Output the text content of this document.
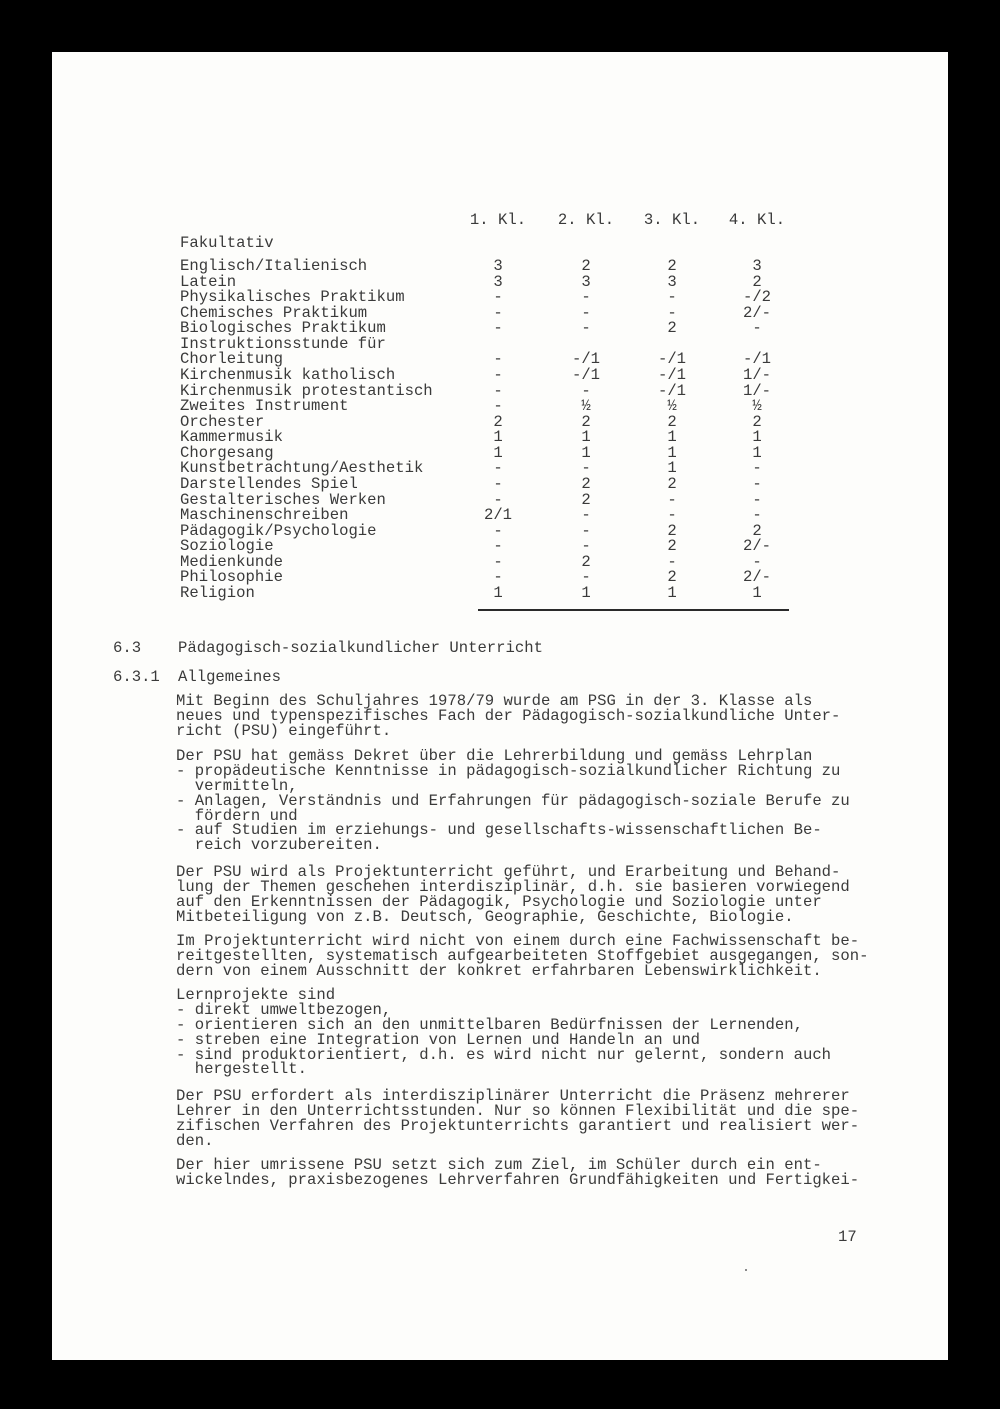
1. Kl. 2. Kl. 3. Kl. 4. Kl.
Fakultativ
Englisch/Italienisch	3	2	2	3
Latein	3	3	3	2
Physikalisches Praktikum	-	-	-	-/2
Chemisches Praktikum	-	-	-	2/-
Biologisches Praktikum	-	-	2	-
Instruktionsstunde für
Chorleitung	-	-/1	-/1	-/1
Kirchenmusik katholisch	-	-/1	-/1	1/-
Kirchenmusik protestantisch	-	-	-/1	1/-
Zweites Instrument	-	½	½	½
Orchester	2	2	2	2
Kammermusik	1	1	1	1
Chorgesang	1	1	1	1
Kunstbetrachtung/Aesthetik	-	-	1	-
Darstellendes Spiel	-	2	2	-
Gestalterisches Werken	-	2	-	-
Maschinenschreiben	2/1	-	-	-
Pädagogik/Psychologie	-	-	2	2
Soziologie	-	-	2	2/-
Medienkunde	-	2	-	-
Philosophie	-	-	2	2/-
Religion	1	1	1	1
6.3 Pädagogisch-sozialkundlicher Unterricht
6.3.1 Allgemeines
Mit Beginn des Schuljahres 1978/79 wurde am PSG in der 3. Klasse als
neues und typenspezifisches Fach der Pädagogisch-sozialkundliche Unter-
richt (PSU) eingeführt.
Der PSU hat gemäss Dekret über die Lehrerbildung und gemäss Lehrplan
- propädeutische Kenntnisse in pädagogisch-sozialkundlicher Richtung zu
vermitteln,
- Anlagen, Verständnis und Erfahrungen für pädagogisch-soziale Berufe zu
fördern und
- auf Studien im erziehungs- und gesellschafts-wissenschaftlichen Be-
reich vorzubereiten.
Der PSU wird als Projektunterricht geführt, und Erarbeitung und Behand-
lung der Themen geschehen interdisziplinär, d.h. sie basieren vorwiegend
auf den Erkenntnissen der Pädagogik, Psychologie und Soziologie unter
Mitbeteiligung von z.B. Deutsch, Geographie, Geschichte, Biologie.
Im Projektunterricht wird nicht von einem durch eine Fachwissenschaft be-
reitgestellten, systematisch aufgearbeiteten Stoffgebiet ausgegangen, son-
dern von einem Ausschnitt der konkret erfahrbaren Lebenswirklichkeit.
Lernprojekte sind
- direkt umweltbezogen,
- orientieren sich an den unmittelbaren Bedürfnissen der Lernenden,
- streben eine Integration von Lernen und Handeln an und
- sind produktorientiert, d.h. es wird nicht nur gelernt, sondern auch
hergestellt.
Der PSU erfordert als interdisziplinärer Unterricht die Präsenz mehrerer
Lehrer in den Unterrichtsstunden. Nur so können Flexibilität und die spe-
zifischen Verfahren des Projektunterrichts garantiert und realisiert wer-
den.
Der hier umrissene PSU setzt sich zum Ziel, im Schüler durch ein ent-
wickelndes, praxisbezogenes Lehrverfahren Grundfähigkeiten und Fertigkei-
17
